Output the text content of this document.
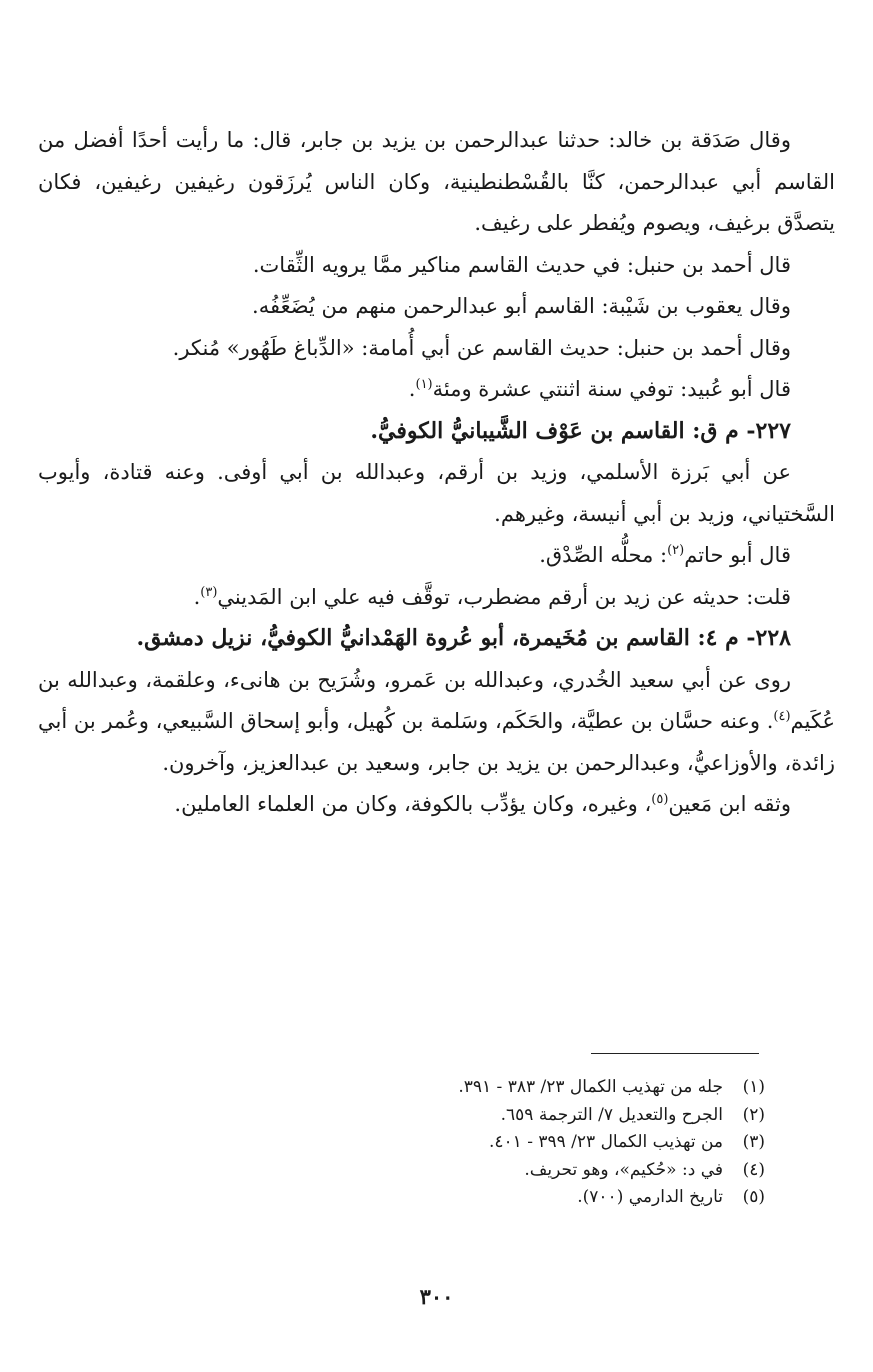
وقال صَدَقة بن خالد: حدثنا عبدالرحمن بن يزيد بن جابر، قال: ما رأيت أحدًا أفضل من القاسم أبي عبدالرحمن، كنَّا بالقُسْطنطينية، وكان الناس يُرزَقون رغيفين رغيفين، فكان يتصدَّق برغيف، ويصوم ويُفطر على رغيف.
قال أحمد بن حنبل: في حديث القاسم مناكير ممَّا يرويه الثِّقات.
وقال يعقوب بن شَيْبة: القاسم أبو عبدالرحمن منهم من يُضَعِّفُه.
وقال أحمد بن حنبل: حديث القاسم عن أبي أُمامة: «الدِّباغ طَهُور» مُنكر.
قال أبو عُبيد: توفي سنة اثنتي عشرة ومئة$^{(١)}$.
٢٢٧- م ق: القاسم بن عَوْف الشَّيبانيُّ الكوفيُّ.
عن أبي بَرزة الأسلمي، وزيد بن أرقم، وعبدالله بن أبي أوفى. وعنه قتادة، وأيوب السَّختياني، وزيد بن أبي أنيسة، وغيرهم.
قال أبو حاتم$^{(٢)}$: محلُّه الصِّدْق.
قلت: حديثه عن زيد بن أرقم مضطرب، توقَّف فيه علي ابن المَديني$^{(٣)}$.
٢٢٨- م ٤: القاسم بن مُخَيمرة، أبو عُروة الهَمْدانيُّ الكوفيُّ، نزيل دمشق.
روى عن أبي سعيد الخُدري، وعبدالله بن عَمرو، وشُرَيح بن هانىء، وعلقمة، وعبدالله بن عُكَيم$^{(٤)}$. وعنه حسَّان بن عطيَّة، والحَكَم، وسَلمة بن كُهيل، وأبو إسحاق السَّبيعي، وعُمر بن أبي زائدة، والأوزاعيُّ، وعبدالرحمن بن يزيد بن جابر، وسعيد بن عبدالعزيز، وآخرون.
وثقه ابن مَعين$^{(٥)}$، وغيره، وكان يؤدِّب بالكوفة، وكان من العلماء العاملين.
(١)
جله من تهذيب الكمال ٢٣/ ٣٨٣ - ٣٩١.
(٢)
الجرح والتعديل ٧/ الترجمة ٦٥٩.
(٣)
من تهذيب الكمال ٢٣/ ٣٩٩ - ٤٠١.
(٤)
في د: «حُكيم»، وهو تحريف.
(٥)
تاريخ الدارمي (٧٠٠).
٣٠٠
